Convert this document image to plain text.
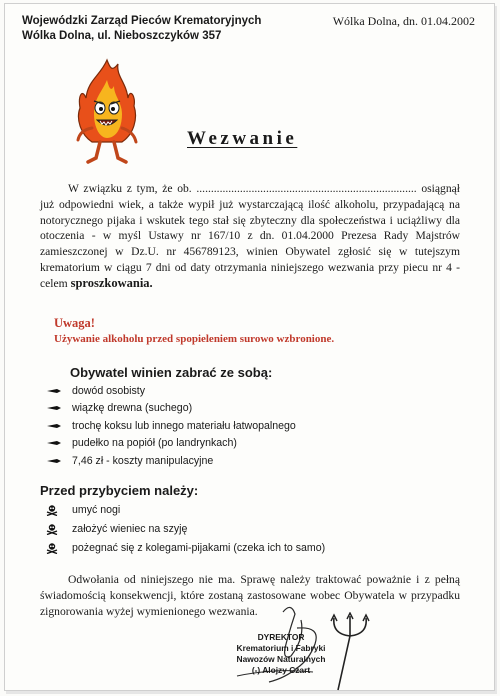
Wojewódzki Zarząd Pieców Krematoryjnych
Wólka Dolna, ul. Nieboszczyków 357
Wólka Dolna, dn. 01.04.2002
Wezwanie
W związku z tym, że ob. ............................................................................ osiągnął już odpowiedni wiek, a także wypił już wystarczającą ilość alkoholu, przypadającą na notorycznego pijaka i wskutek tego stał się zbyteczny dla społeczeństwa i uciążliwy dla otoczenia - w myśl Ustawy nr 167/10 z dn. 01.04.2000 Prezesa Rady Majstrów zamieszczonej w Dz.U. nr 456789123, winien Obywatel zgłosić się w tutejszym krematorium w ciągu 7 dni od daty otrzymania niniejszego wezwania przy piecu nr 4 - celem sproszkowania.
Uwaga!
Używanie alkoholu przed spopieleniem surowo wzbronione.
Obywatel winien zabrać ze sobą:
dowód osobisty
wiązkę drewna (suchego)
trochę koksu lub innego materiału łatwopalnego
pudełko na popiół (po landrynkach)
7,46 zł - koszty manipulacyjne
Przed przybyciem należy:
umyć nogi
założyć wieniec na szyję
pożegnać się z kolegami-pijakami (czeka ich to samo)
Odwołania od niniejszego nie ma. Sprawę należy traktować poważnie i z pełną świadomością konsekwencji, które zostaną zastosowane wobec Obywatela w przypadku zignorowania wyżej wymienionego wezwania.
DYREKTOR
Krematorium i Fabryki
Nawozów Naturalnych
(-) Alojzy Czart
